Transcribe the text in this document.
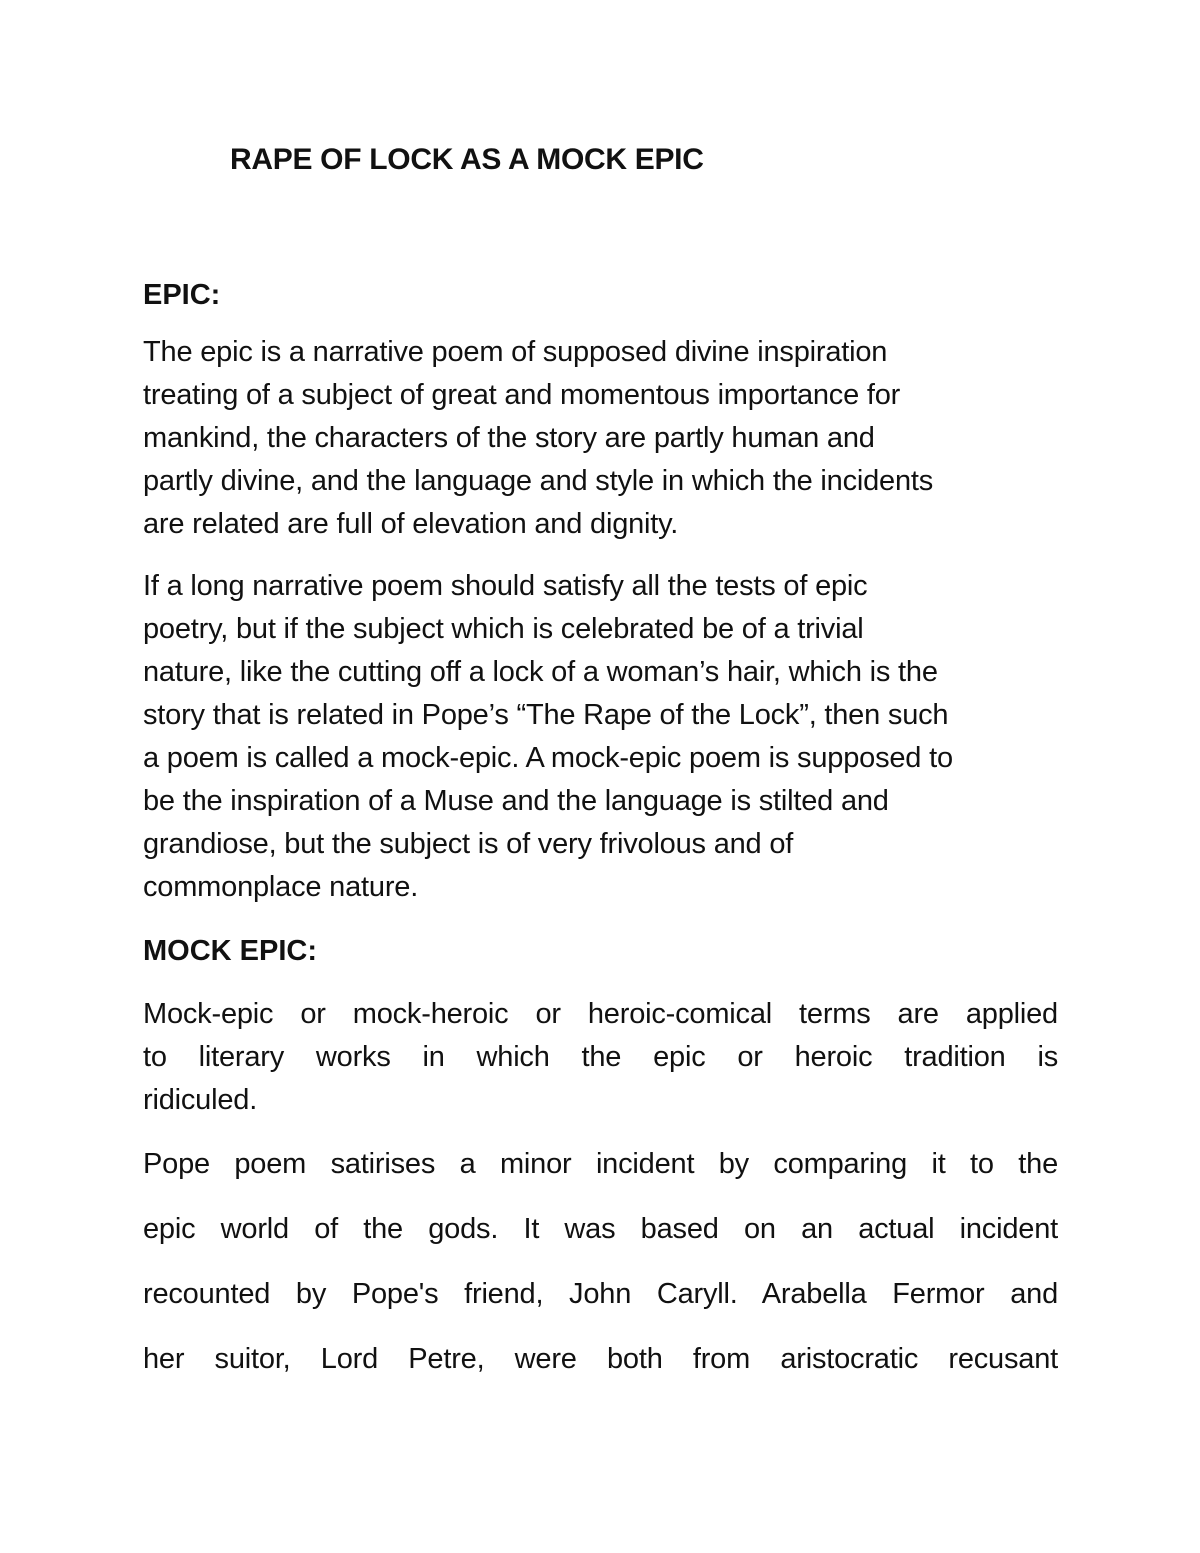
RAPE OF LOCK AS A MOCK EPIC
EPIC:
The epic is a narrative poem of supposed divine inspiration
treating of a subject of great and momentous importance for
mankind, the characters of the story are partly human and
partly divine, and the language and style in which the incidents
are related are full of elevation and dignity.
If a long narrative poem should satisfy all the tests of epic
poetry, but if the subject which is celebrated be of a trivial
nature, like the cutting off a lock of a woman’s hair, which is the
story that is related in Pope’s “The Rape of the Lock”, then such
a poem is called a mock-epic. A mock-epic poem is supposed to
be the inspiration of a Muse and the language is stilted and
grandiose, but the subject is of very frivolous and of
commonplace nature.
MOCK EPIC:
Mock-epic or mock-heroic or heroic-comical terms are applied
to literary works in which the epic or heroic tradition is
ridiculed.
Pope poem satirises a minor incident by comparing it to the
epic world of the gods. It was based on an actual incident
recounted by Pope's friend, John Caryll. Arabella Fermor and
her suitor, Lord Petre, were both from aristocratic recusant
